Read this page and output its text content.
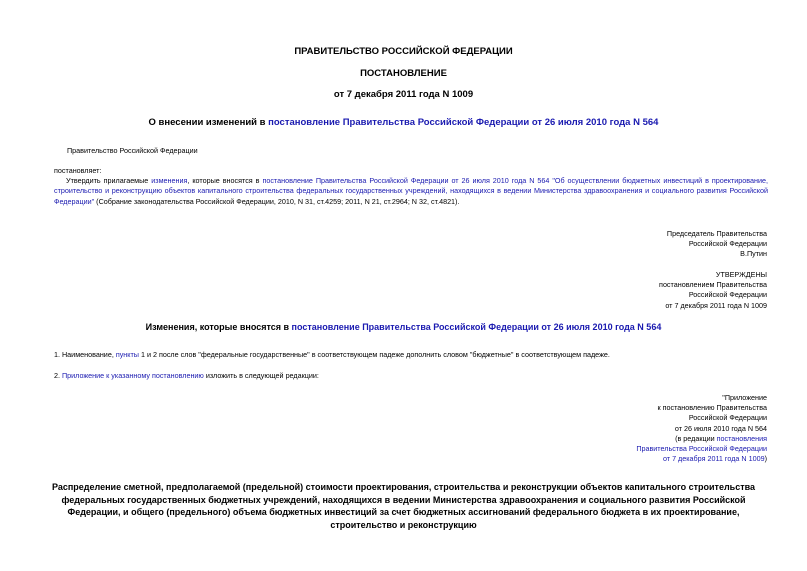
ПРАВИТЕЛЬСТВО РОССИЙСКОЙ ФЕДЕРАЦИИ
ПОСТАНОВЛЕНИЕ
от 7 декабря 2011 года N 1009
О внесении изменений в постановление Правительства Российской Федерации от 26 июля 2010 года N 564
Правительство Российской Федерации
постановляет:
Утвердить прилагаемые изменения, которые вносятся в постановление Правительства Российской Федерации от 26 июля 2010 года N 564 "Об осуществлении бюджетных инвестиций в проектирование, строительство и реконструкцию объектов капитального строительства федеральных государственных учреждений, находящихся в ведении Министерства здравоохранения и социального развития Российской Федерации" (Собрание законодательства Российской Федерации, 2010, N 31, ст.4259; 2011, N 21, ст.2964; N 32, ст.4821).
Председатель Правительства
Российской Федерации
В.Путин
УТВЕРЖДЕНЫ
постановлением Правительства
Российской Федерации
от 7 декабря 2011 года N 1009
Изменения, которые вносятся в постановление Правительства Российской Федерации от 26 июля 2010 года N 564
1. Наименование, пункты 1 и 2 после слов "федеральные государственные" в соответствующем падеже дополнить словом "бюджетные" в соответствующем падеже.
2. Приложение к указанному постановлению изложить в следующей редакции:
"Приложение
к постановлению Правительства
Российской Федерации
от 26 июля 2010 года N 564
(в редакции постановления
Правительства Российской Федерации
от 7 декабря 2011 года N 1009)
Распределение сметной, предполагаемой (предельной) стоимости проектирования, строительства и реконструкции объектов капитального строительства федеральных государственных бюджетных учреждений, находящихся в ведении Министерства здравоохранения и социального развития Российской Федерации, и общего (предельного) объема бюджетных инвестиций за счет бюджетных ассигнований федерального бюджета в их проектирование, строительство и реконструкцию
